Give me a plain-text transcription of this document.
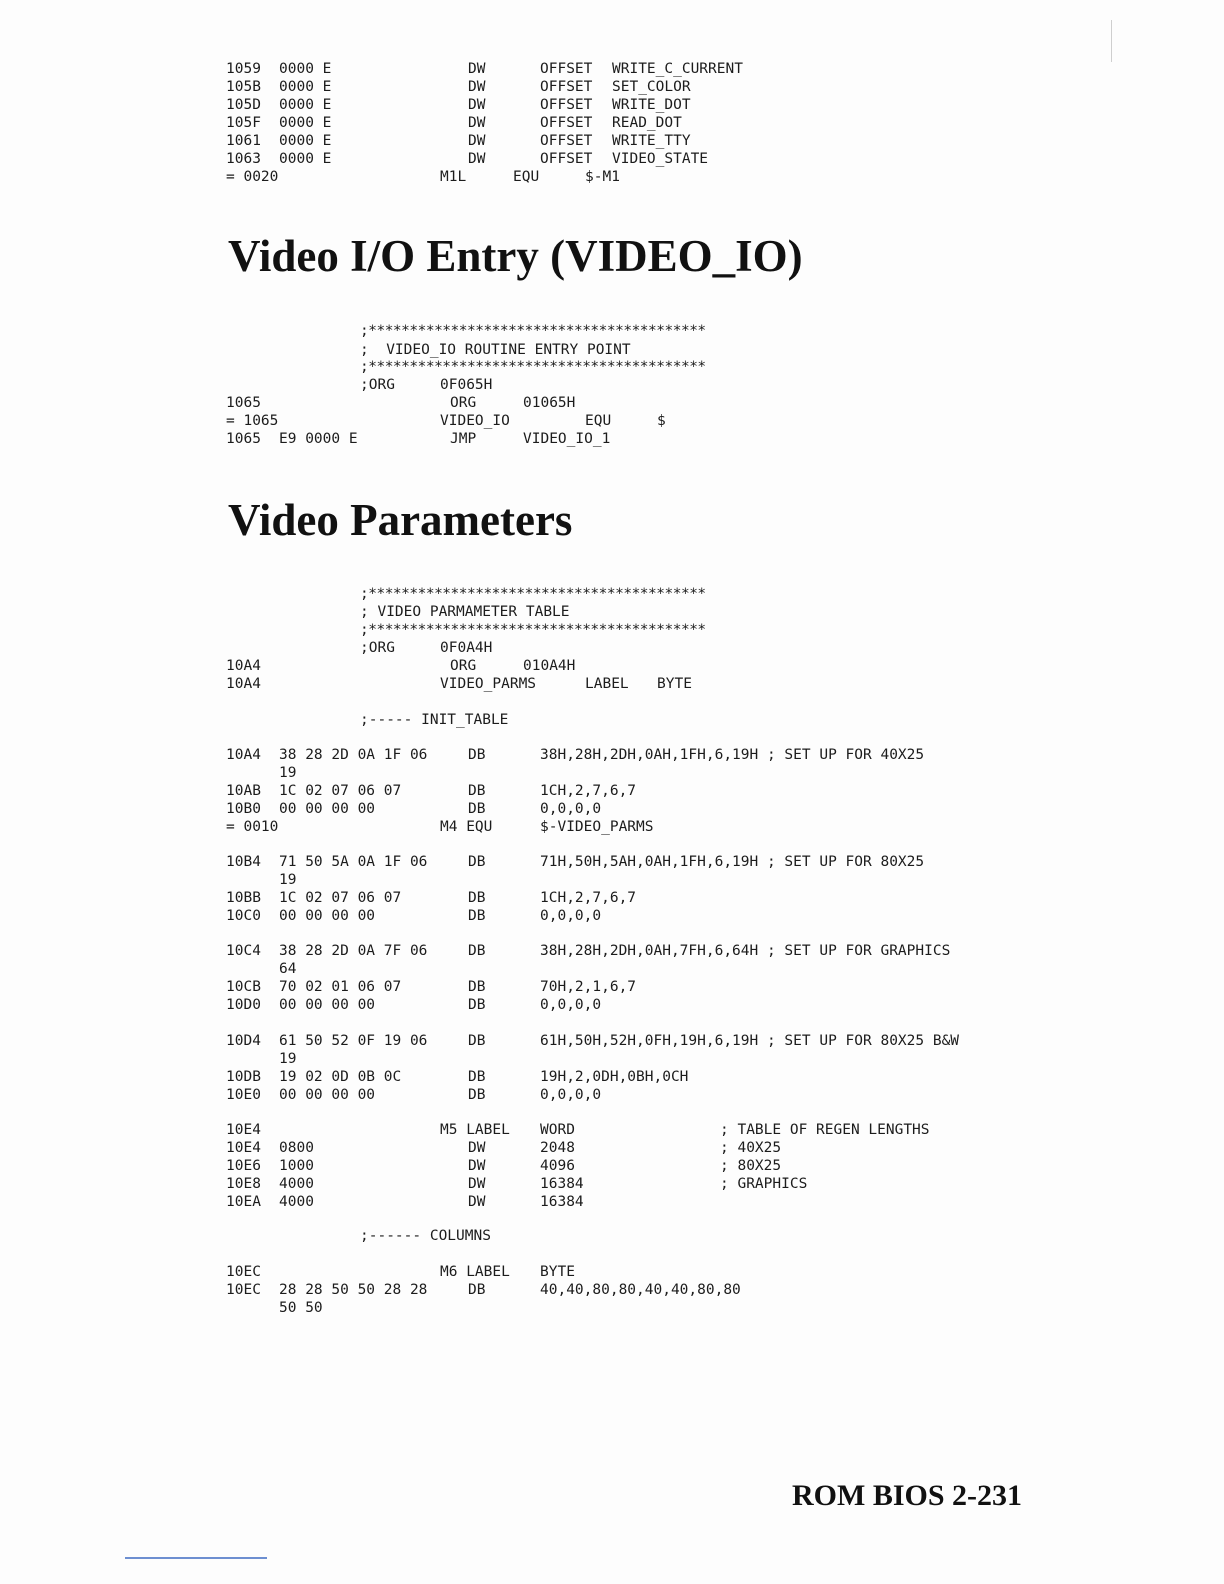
1059 0000 E	DW	OFFSET WRITE_C_CURRENT
105B 0000 E	DW	OFFSET SET_COLOR
105D 0000 E	DW	OFFSET WRITE_DOT
105F 0000 E	DW	OFFSET READ_DOT
1061 0000 E	DW	OFFSET WRITE_TTY
1063 0000 E	DW	OFFSET VIDEO_STATE
= 0020	M1L	EQU	$-M1
;*****************************************
;  VIDEO_IO ROUTINE ENTRY POINT
;*****************************************
;ORG	0F065H
1065	ORG	01065H
= 1065	VIDEO_IO	EQU	$
1065 E9 0000 E	JMP	VIDEO_IO_1
;*****************************************
; VIDEO PARMAMETER TABLE
;*****************************************
;ORG	0F0A4H
10A4	ORG	010A4H
10A4	VIDEO_PARMS	LABEL BYTE
;----- INIT_TABLE
10A4 38 28 2D 0A 1F 06	DB	38H,28H,2DH,0AH,1FH,6,19H ; SET UP FOR 40X25
19
10AB 1C 02 07 06 07	DB	1CH,2,7,6,7
10B0 00 00 00 00	DB	0,0,0,0
= 0010	M4 EQU	$-VIDEO_PARMS
10B4 71 50 5A 0A 1F 06	DB	71H,50H,5AH,0AH,1FH,6,19H ; SET UP FOR 80X25
19
10BB 1C 02 07 06 07	DB	1CH,2,7,6,7
10C0 00 00 00 00	DB	0,0,0,0
10C4 38 28 2D 0A 7F 06	DB	38H,28H,2DH,0AH,7FH,6,64H ; SET UP FOR GRAPHICS
64
10CB 70 02 01 06 07	DB	70H,2,1,6,7
10D0 00 00 00 00	DB	0,0,0,0
10D4 61 50 52 0F 19 06	DB	61H,50H,52H,0FH,19H,6,19H ; SET UP FOR 80X25 B&W
19
10DB 19 02 0D 0B 0C	DB	19H,2,0DH,0BH,0CH
10E0 00 00 00 00	DB	0,0,0,0
10E4	M5 LABEL WORD	; TABLE OF REGEN LENGTHS
10E4 0800	DW	2048	; 40X25
10E6 1000	DW	4096	; 80X25
10E8 4000	DW	16384	; GRAPHICS
10EA 4000	DW	16384
;------ COLUMNS
10EC	M6 LABEL BYTE
10EC 28 28 50 50 28 28	DB	40,40,80,80,40,40,80,80
50 50
Video I/O Entry (VIDEO_IO)
Video Parameters
ROM BIOS 2-231
